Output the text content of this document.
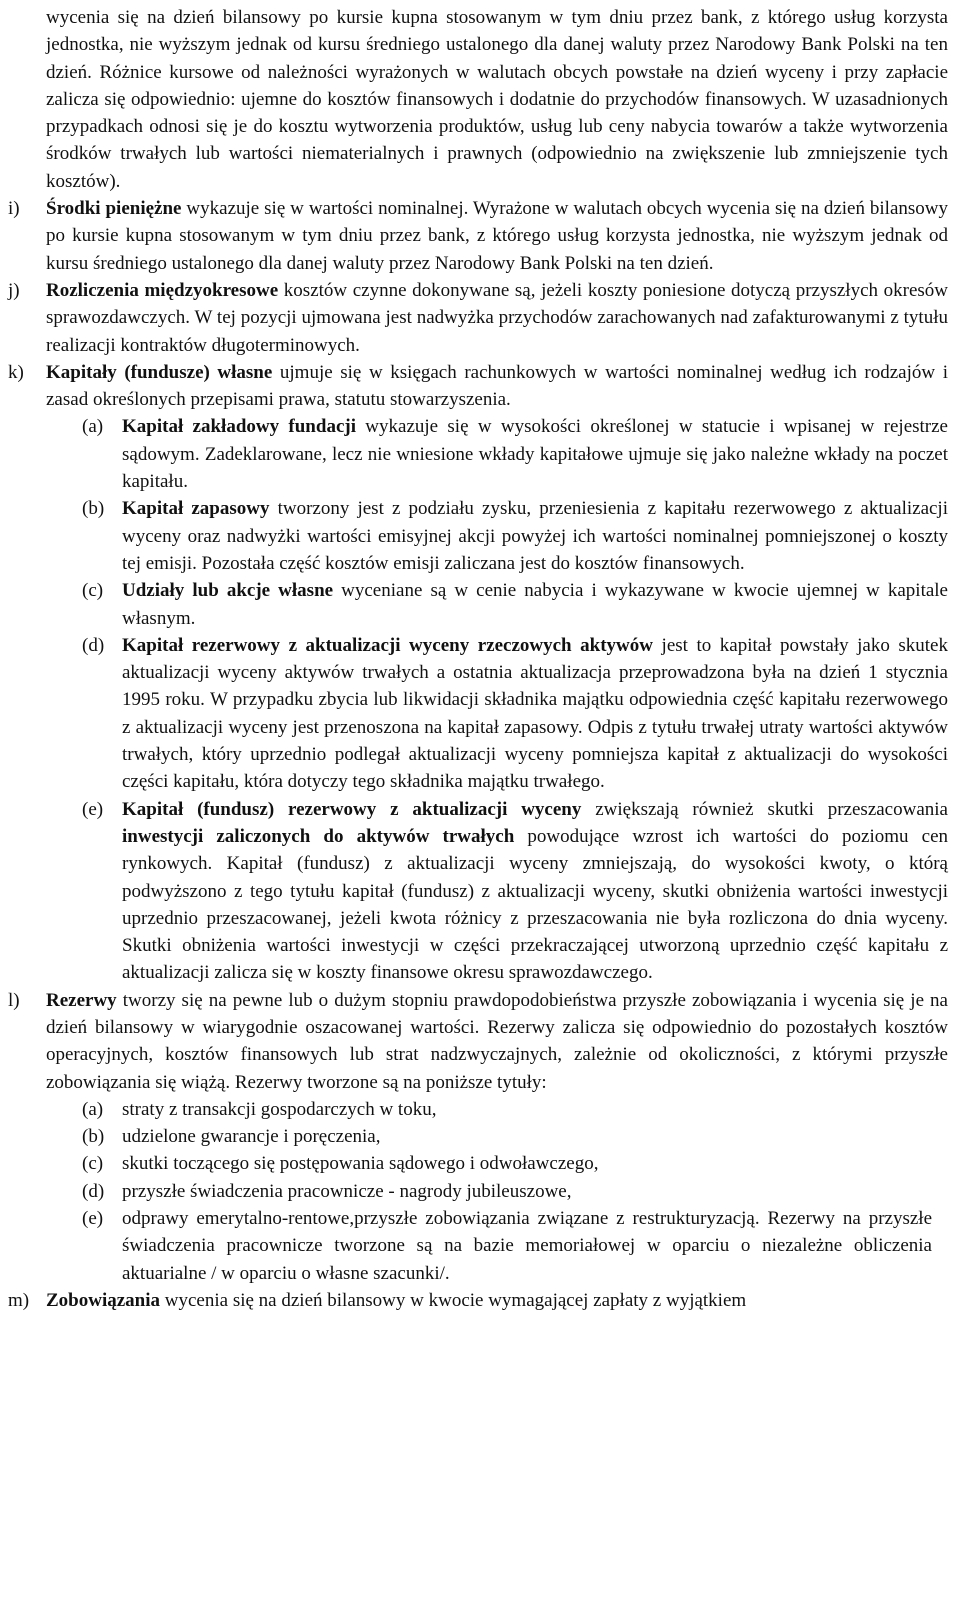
wycenia się na dzień bilansowy po kursie kupna stosowanym w tym dniu przez bank, z którego usług korzysta jednostka, nie wyższym jednak od kursu średniego ustalonego dla danej waluty przez Narodowy Bank Polski na ten dzień. Różnice kursowe od należności wyrażonych w walutach obcych powstałe na dzień wyceny i przy zapłacie zalicza się odpowiednio: ujemne do kosztów finansowych i dodatnie do przychodów finansowych. W uzasadnionych przypadkach odnosi się je do kosztu wytworzenia produktów, usług lub ceny nabycia towarów a także wytworzenia środków trwałych lub wartości niematerialnych i prawnych (odpowiednio na zwiększenie lub zmniejszenie tych kosztów).

i) Środki pieniężne wykazuje się w wartości nominalnej. Wyrażone w walutach obcych wycenia się na dzień bilansowy po kursie kupna stosowanym w tym dniu przez bank, z którego usług korzysta jednostka, nie wyższym jednak od kursu średniego ustalonego dla danej waluty przez Narodowy Bank Polski na ten dzień.
j) Rozliczenia międzyokresowe kosztów czynne dokonywane są, jeżeli koszty poniesione dotyczą przyszłych okresów sprawozdawczych. W tej pozycji ujmowana jest nadwyżka przychodów zarachowanych nad zafakturowanymi z tytułu realizacji kontraktów długoterminowych.
k) Kapitały (fundusze) własne ujmuje się w księgach rachunkowych w wartości nominalnej według ich rodzajów i zasad określonych przepisami prawa, statutu stowarzyszenia.
(a) Kapitał zakładowy fundacji wykazuje się w wysokości określonej w statucie i wpisanej w rejestrze sądowym. Zadeklarowane, lecz nie wniesione wkłady kapitałowe ujmuje się jako należne wkłady na poczet kapitału.
(b) Kapitał zapasowy tworzony jest z podziału zysku, przeniesienia z kapitału rezerwowego z aktualizacji wyceny oraz nadwyżki wartości emisyjnej akcji powyżej ich wartości nominalnej pomniejszonej o koszty tej emisji. Pozostała część kosztów emisji zaliczana jest do kosztów finansowych.
(c) Udziały lub akcje własne wyceniane są w cenie nabycia i wykazywane w kwocie ujemnej w kapitale własnym.
(d) Kapitał rezerwowy z aktualizacji wyceny rzeczowych aktywów jest to kapitał powstały jako skutek aktualizacji wyceny aktywów trwałych a ostatnia aktualizacja przeprowadzona była na dzień 1 stycznia 1995 roku. W przypadku zbycia lub likwidacji składnika majątku odpowiednia część kapitału rezerwowego z aktualizacji wyceny jest przenoszona na kapitał zapasowy. Odpis z tytułu trwałej utraty wartości aktywów trwałych, który uprzednio podlegał aktualizacji wyceny pomniejsza kapitał z aktualizacji do wysokości części kapitału, która dotyczy tego składnika majątku trwałego.
(e) Kapitał (fundusz) rezerwowy z aktualizacji wyceny zwiększają również skutki przeszacowania inwestycji zaliczonych do aktywów trwałych powodujące wzrost ich wartości do poziomu cen rynkowych. Kapitał (fundusz) z aktualizacji wyceny zmniejszają, do wysokości kwoty, o którą podwyższono z tego tytułu kapitał (fundusz) z aktualizacji wyceny, skutki obniżenia wartości inwestycji uprzednio przeszacowanej, jeżeli kwota różnicy z przeszacowania nie była rozliczona do dnia wyceny. Skutki obniżenia wartości inwestycji w części przekraczającej utworzoną uprzednio część kapitału z aktualizacji zalicza się w koszty finansowe okresu sprawozdawczego.
l) Rezerwy tworzy się na pewne lub o dużym stopniu prawdopodobieństwa przyszłe zobowiązania i wycenia się je na dzień bilansowy w wiarygodnie oszacowanej wartości. Rezerwy zalicza się odpowiednio do pozostałych kosztów operacyjnych, kosztów finansowych lub strat nadzwyczajnych, zależnie od okoliczności, z którymi przyszłe zobowiązania się wiążą. Rezerwy tworzone są na poniższe tytuły:
(a) straty z transakcji gospodarczych w toku,
(b) udzielone gwarancje i poręczenia,
(c) skutki toczącego się postępowania sądowego i odwoławczego,
(d) przyszłe świadczenia pracownicze - nagrody jubileuszowe,
(e) odprawy emerytalno-rentowe,przyszłe zobowiązania związane z restrukturyzacją. Rezerwy na przyszłe świadczenia pracownicze tworzone są na bazie memoriałowej w oparciu o niezależne obliczenia aktuarialne / w oparciu o własne szacunki/.
m) Zobowiązania wycenia się na dzień bilansowy w kwocie wymagającej zapłaty z wyjątkiem
